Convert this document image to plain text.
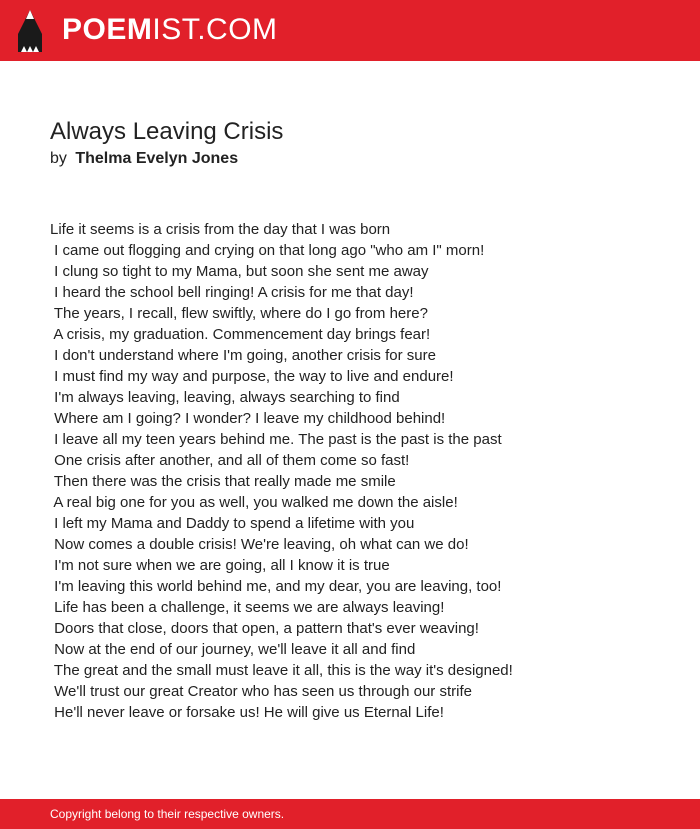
POEMIST.COM
Always Leaving Crisis
by Thelma Evelyn Jones
Life it seems is a crisis from the day that I was born
I came out flogging and crying on that long ago "who am I" morn!
I clung so tight to my Mama, but soon she sent me away
I heard the school bell ringing! A crisis for me that day!
The years, I recall, flew swiftly, where do I go from here?
A crisis, my graduation. Commencement day brings fear!
I don't understand where I'm going, another crisis for sure
I must find my way and purpose, the way to live and endure!
I'm always leaving, leaving, always searching to find
Where am I going? I wonder? I leave my childhood behind!
I leave all my teen years behind me. The past is the past is the past
One crisis after another, and all of them come so fast!
Then there was the crisis that really made me smile
A real big one for you as well, you walked me down the aisle!
I left my Mama and Daddy to spend a lifetime with you
Now comes a double crisis! We're leaving, oh what can we do!
I'm not sure when we are going, all I know it is true
I'm leaving this world behind me, and my dear, you are leaving, too!
Life has been a challenge, it seems we are always leaving!
Doors that close, doors that open, a pattern that's ever weaving!
Now at the end of our journey, we'll leave it all and find
The great and the small must leave it all, this is the way it's designed!
We'll trust our great Creator who has seen us through our strife
He'll never leave or forsake us! He will give us Eternal Life!
Copyright belong to their respective owners.
